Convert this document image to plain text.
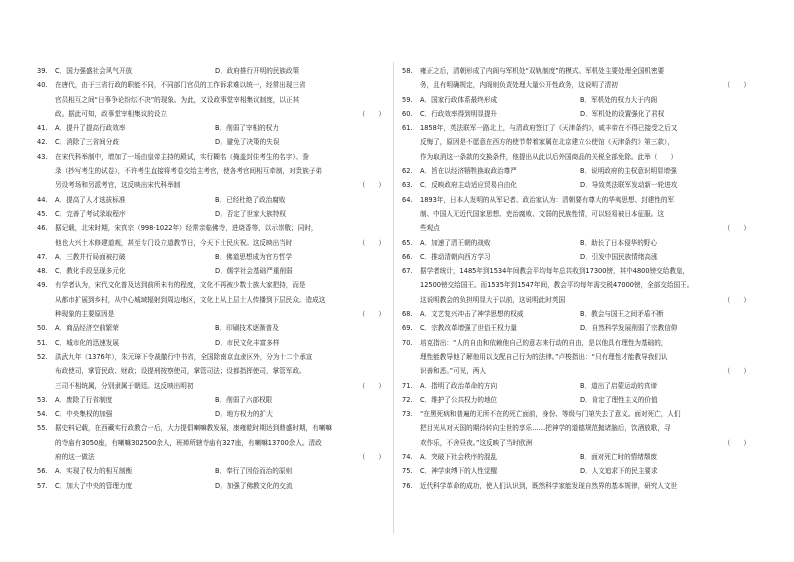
39. C．国力强盛社会风气开放	D．政府推行开明的民族政策
40. 在唐代，由于三省行政的职能不同，不同部门官员的工作诉求难以统一，经常出现三省
官员相互之间“日事争论纷纭不决”的现象。为此，又设政事堂宰相集议制度，以正其
政。据此可知，政事堂宰相集议的设立	（　　）
41. A．提升了提高行政效率	B．削弱了宰相的权力
42. C．消除了三省间分歧	D．避免了决策的失误
43. 在宋代科举制中，增加了一场由皇帝主持的殿试，实行糊名（掩盖封住考生的名字）、誊
录（抄写考生的试卷），不许考生直接将考卷交给主考官，使各考官间相互牵制，对贵族子弟
另设考场和另派考官，这反映出宋代科举制	（　　）
44. A．提高了人才选拔标准	B．已经杜绝了政治腐败
45. C．完善了考试录取程序	D．否定了世家大族特权
46. 据记载，北宋时期，宋真宗（998-1022年）经常亲临佛寺，进烧香等，以示崇敬；同时，
他也大兴土木修建道观，甚至专门设立道教节日，今天下士民庆祝。这反映出当时	（　　）
47. A．三教并行局面被打破	B．佛道思想成为官方哲学
48. C．教化手段呈现多元化	D．儒学社会基础严重削弱
49. 有学者认为，宋代文化普及达到前所未有的程度，文化不再被少数士族大家把持，而是
从都市扩展到乡村，从中心城域辐射到周边地区，文化上从上层士人传播到下层民众。造成这
种现象的主要原因是	（　　）
50. A．商品经济空前繁荣	B．印刷技术逐渐普及
51. C．城市化的迅速发展	D．市民文化丰富多样
52. 洪武九年（1376年），朱元璋下令裁撤行中书省，全国除南京直隶区外，分为十二个承宣
布政使司，掌管民政、财政；设提刑按察使司，掌管司法；设都指挥使司，掌管军政。
三司不相统属，分别隶属于朝廷。这反映出明初	（　　）
53. A．废除了行省制度	B．削弱了六部权限
54. C．中央集权的加强	D．地方权力的扩大
55. 据史料记载，在西藏实行政教合一后，大力提倡喇嘛教发展，康雍乾时期达到鼎盛时期，有喇嘛
的寺庙有3050座，有喇嘛302500余人，班禅所辖寺庙有327座，有喇嘛13700余人。清政
府的这一做法	（　　）
56. A．实现了权力的相互制衡	B．奉行了因俗而治的原则
57. C．加大了中央的管理力度	D．加强了佛教文化的交流
58. 雍正之后，清朝形成了内阁与军机处“双轨制度”的模式。军机处主要处理全国机密要
务，且有明确规定，内阁则负责处理大量公开性政务，这说明了清初	（　　）
59. A．国家行政体系最终形成	B．军机处的权力大于内阁
60. C．行政效率得到明显提升	D．军机处的设置强化了君权
61. 1858年，英法联军一路北上，与清政府签订了《天津条约》，咸丰帝在不得已接受之后又
反悔了，原因是不愿意在西方的使节带着家属在北京建立公使馆《天津条约》第三款），
作为取消这一条款的交换条件，他提出从此以后外国商品的关税全部免除。此举（　　）
62. A．旨在以经济牺牲换取政治尊严	B．说明政府的主权意识明显增强
63. C．反映政府主动适应贸易自由化	D．导致英法联军发动新一轮进攻
64. 1893年，日本人发明的从军记者、政治家认为：清朝要有尊大的华夷思想、封建性的军
制、中国人无近代国家思想、吏治腐败、文弱的民族性情，可以轻易被日本征服。这
些观点	（　　）
65. A．加速了清王朝的战败	B．助长了日本侵华的野心
66. C．推动清朝向西方学习	D．引发中国民族情绪高涨
67. 据学者统计，1485年到1534年间教会平均每年总共收到17300镑，其中4800镑交给教皇，
12500镑交给国王。而1535年到1547年间，教会平均每年需交税47000镑，全部交给国王。
这说明教会的负担明显大于以前，这说明此时英国	（　　）
68. A．文艺复兴冲击了神学思想的权威	B．教会与国王之间矛盾不断
69. C．宗教改革增强了世俗王权力量	D．自然科学发展削弱了宗教信仰
70. 培克指出：“人的自由和依赖他自己的意志来行动的自由，是以他具有理性为基础的，
理性能教导他了解他用以支配自己行为的法律。”卢梭指出：“只有理性才能教导我们认
识善和恶。”可见，两人	（　　）
71. A．指明了政治革命的方向	B．道出了启蒙运动的真谛
72. C．维护了公共权力的地位	D．肯定了理性主义的价值
73. “在黑死病和普遍的无所不在的死亡面前，身份、等级与门第失去了意义。面对死亡，人们
把目光从对天国的期待转向尘世的享乐……把神学的道德规范抛诸脑后，饮酒放歌，寻
欢作乐，不舍昼夜。”这反映了当时欧洲	（　　）
74. A．突破下社会秩序的混乱	B．面对死亡时的情绪颓废
75. C．神学束缚下的人性觉醒	D．人文追求下的民主要求
76. 近代科学革命的成功，使人们认识到，既然科学家能发现自然界的基本规律，研究人文世
